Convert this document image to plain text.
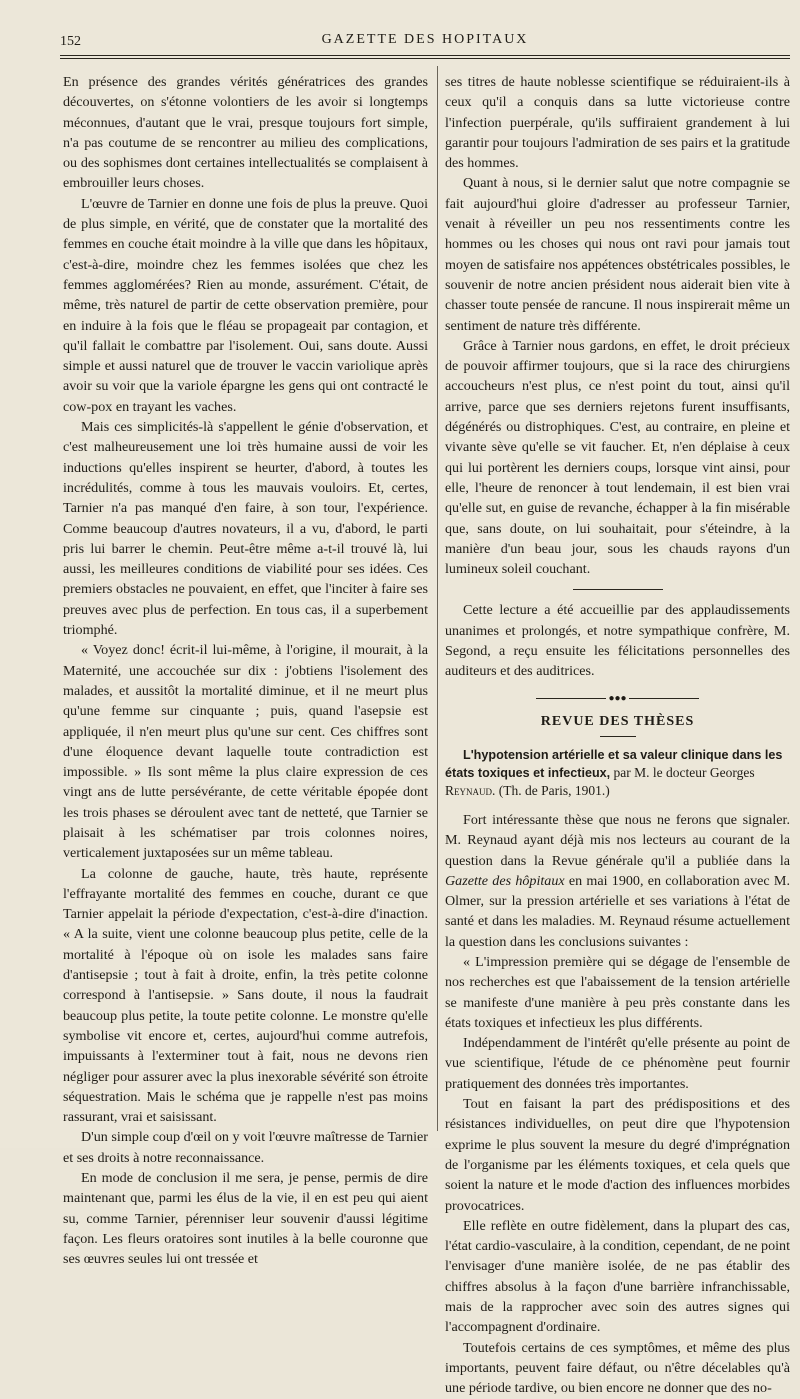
152	GAZETTE DES HOPITAUX

En présence des grandes vérités génératrices des grandes découvertes, on s'étonne volontiers de les avoir si longtemps méconnues, d'autant que le vrai, presque toujours fort simple, n'a pas coutume de se rencontrer au milieu des complications, ou des sophismes dont certaines intellectualités se complaisent à embrouiller leurs choses.

L'œuvre de Tarnier en donne une fois de plus la preuve. Quoi de plus simple, en vérité, que de constater que la mortalité des femmes en couche était moindre à la ville que dans les hôpitaux, c'est-à-dire, moindre chez les femmes isolées que chez les femmes agglomérées? Rien au monde, assurément. C'était, de même, très naturel de partir de cette observation première, pour en induire à la fois que le fléau se propageait par contagion, et qu'il fallait le combattre par l'isolement. Oui, sans doute. Aussi simple et aussi naturel que de trouver le vaccin variolique après avoir su voir que la variole épargne les gens qui ont contracté le cow-pox en trayant les vaches.

Mais ces simplicités-là s'appellent le génie d'observation, et c'est malheureusement une loi très humaine aussi de voir les inductions qu'elles inspirent se heurter, d'abord, à toutes les incrédulités, comme à tous les mauvais vouloirs. Et, certes, Tarnier n'a pas manqué d'en faire, à son tour, l'expérience. Comme beaucoup d'autres novateurs, il a vu, d'abord, le parti pris lui barrer le chemin. Peut-être même a-t-il trouvé là, lui aussi, les meilleures conditions de viabilité pour ses idées. Ces premiers obstacles ne pouvaient, en effet, que l'inciter à faire ses preuves avec plus de perfection. En tous cas, il a superbement triomphé.

« Voyez donc! écrit-il lui-même, à l'origine, il mourait, à la Maternité, une accouchée sur dix : j'obtiens l'isolement des malades, et aussitôt la mortalité diminue, et il ne meurt plus qu'une femme sur cinquante ; puis, quand l'asepsie est appliquée, il n'en meurt plus qu'une sur cent. Ces chiffres sont d'une éloquence devant laquelle toute contradiction est impossible. » Ils sont même la plus claire expression de ces vingt ans de lutte persévérante, de cette véritable épopée dont les trois phases se déroulent avec tant de netteté, que Tarnier se plaisait à les schématiser par trois colonnes noires, verticalement juxtaposées sur un même tableau.

La colonne de gauche, haute, très haute, représente l'effrayante mortalité des femmes en couche, durant ce que Tarnier appelait la période d'expectation, c'est-à-dire d'inaction. « A la suite, vient une colonne beaucoup plus petite, celle de la mortalité à l'époque où on isole les malades sans faire d'antisepsie ; tout à fait à droite, enfin, la très petite colonne correspond à l'antisepsie. » Sans doute, il nous la faudrait beaucoup plus petite, la toute petite colonne. Le monstre qu'elle symbolise vit encore et, certes, aujourd'hui comme autrefois, impuissants à l'exterminer tout à fait, nous ne devons rien négliger pour assurer avec la plus inexorable sévérité son étroite séquestration. Mais le schéma que je rappelle n'est pas moins rassurant, vrai et saisissant.

D'un simple coup d'œil on y voit l'œuvre maîtresse de Tarnier et ses droits à notre reconnaissance.

En mode de conclusion il me sera, je pense, permis de dire maintenant que, parmi les élus de la vie, il en est peu qui aient su, comme Tarnier, pérenniser leur souvenir d'aussi légitime façon. Les fleurs oratoires sont inutiles à la belle couronne que ses œuvres seules lui ont tressée et

ses titres de haute noblesse scientifique se réduiraient-ils à ceux qu'il a conquis dans sa lutte victorieuse contre l'infection puerpérale, qu'ils suffiraient grandement à lui garantir pour toujours l'admiration de ses pairs et la gratitude des hommes.

Quant à nous, si le dernier salut que notre compagnie se fait aujourd'hui gloire d'adresser au professeur Tarnier, venait à réveiller un peu nos ressentiments contre les hommes ou les choses qui nous ont ravi pour jamais tout moyen de satisfaire nos appétences obstétricales possibles, le souvenir de notre ancien président nous aiderait bien vite à chasser toute pensée de rancune. Il nous inspirerait même un sentiment de nature très différente.

Grâce à Tarnier nous gardons, en effet, le droit précieux de pouvoir affirmer toujours, que si la race des chirurgiens accoucheurs n'est plus, ce n'est point du tout, ainsi qu'il arrive, parce que ses derniers rejetons furent insuffisants, dégénérés ou distrophiques. C'est, au contraire, en pleine et vivante sève qu'elle se vit faucher. Et, n'en déplaise à ceux qui lui portèrent les derniers coups, lorsque vint ainsi, pour elle, l'heure de renoncer à tout lendemain, il est bien vrai qu'elle sut, en guise de revanche, échapper à la fin misérable que, sans doute, on lui souhaitait, pour s'éteindre, à la manière d'un beau jour, sous les chauds rayons d'un lumineux soleil couchant.

Cette lecture a été accueillie par des applaudissements unanimes et prolongés, et notre sympathique confrère, M. Segond, a reçu ensuite les félicitations personnelles des auditeurs et des auditrices.

●●●
REVUE DES THÈSES

L'hypotension artérielle et sa valeur clinique dans les états toxiques et infectieux, par M. le docteur Georges Reynaud. (Th. de Paris, 1901.)

Fort intéressante thèse que nous ne ferons que signaler. M. Reynaud ayant déjà mis nos lecteurs au courant de la question dans la Revue générale qu'il a publiée dans la Gazette des hôpitaux en mai 1900, en collaboration avec M. Olmer, sur la pression artérielle et ses variations à l'état de santé et dans les maladies. M. Reynaud résume actuellement la question dans les conclusions suivantes :

« L'impression première qui se dégage de l'ensemble de nos recherches est que l'abaissement de la tension artérielle se manifeste d'une manière à peu près constante dans les états toxiques et infectieux les plus différents.

Indépendamment de l'intérêt qu'elle présente au point de vue scientifique, l'étude de ce phénomène peut fournir pratiquement des données très importantes.

Tout en faisant la part des prédispositions et des résistances individuelles, on peut dire que l'hypotension exprime le plus souvent la mesure du degré d'imprégnation de l'organisme par les éléments toxiques, et cela quels que soient la nature et le mode d'action des influences morbides provocatrices.

Elle reflète en outre fidèlement, dans la plupart des cas, l'état cardio-vasculaire, à la condition, cependant, de ne point l'envisager d'une manière isolée, de ne pas établir des chiffres absolus à la façon d'une barrière infranchissable, mais de la rapprocher avec soin des autres signes qui l'accompagnent d'ordinaire.

Toutefois certains de ces symptômes, et même des plus importants, peuvent faire défaut, ou n'être décelables qu'à une période tardive, ou bien encore ne donner que des no-
